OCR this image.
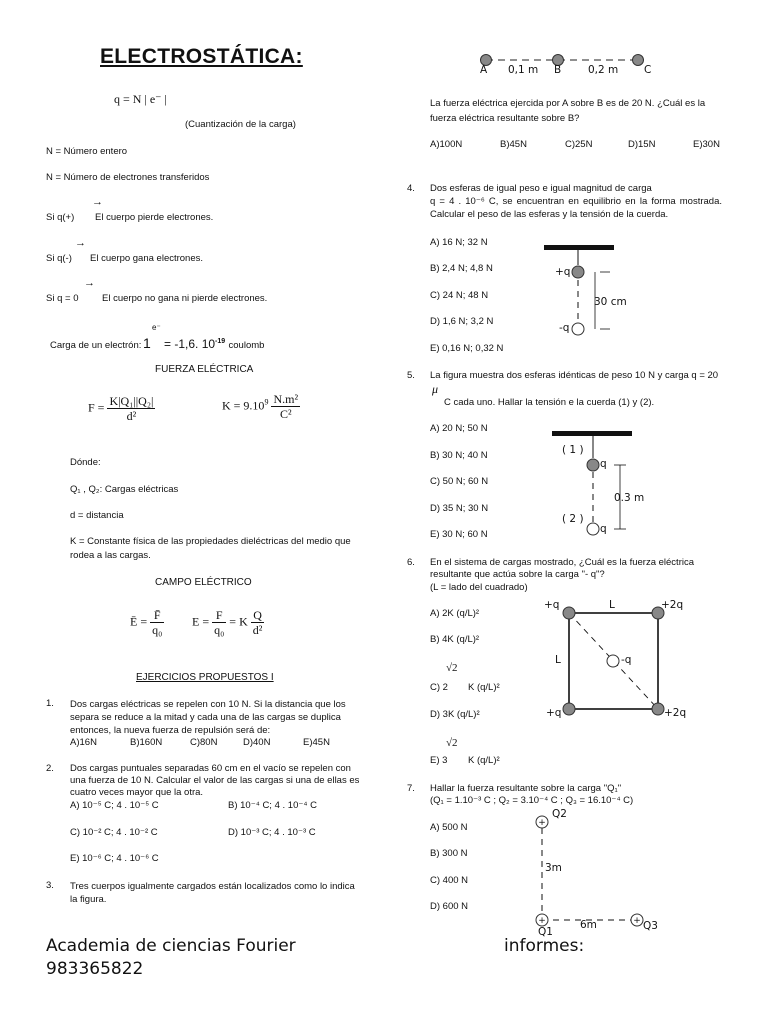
ELECTROSTÁTICA:
q = N | e⁻ |
(Cuantización de la carga)
N = Número entero
N = Número de electrones transferidos
→
Si q(+) El cuerpo pierde electrones.
→
Si q(-) El cuerpo gana electrones.
→
Si q = 0 El cuerpo no gana ni pierde electrones.
e⁻
Carga de un electrón: 1 = -1,6. $10^{-19}$ coulomb
FUERZA ELÉCTRICA
$F = \frac{\text{K|Q₁||Q₂|}}{\text{d²}}$	$K = 9.10^9 \frac{\text{N.m²}}{\text{C²}}$
Dónde:
Q₁ , Q₂: Cargas eléctricas
d = distancia
K = Constante física de las propiedades dieléctricas del medio que rodea a las cargas.
CAMPO ELÉCTRICO
Ē = $\frac{F̄}{\text{q₀}}$ $E = \frac{F}{\text{q₀}} = K \frac{Q}{\text{d²}}$
EJERCICIOS PROPUESTOS I
1. Dos cargas eléctricas se repelen con 10 N. Si la distancia que los separa se reduce a la mitad y cada una de las cargas se duplica entonces, la nueva fuerza de repulsión será de:
A)16N	B)160N	C)80N	D)40N	E)45N
2. Dos cargas puntuales separadas 60 cm en el vacío se repelen con una fuerza de 10 N. Calcular el valor de las cargas si una de ellas es cuatro veces mayor que la otra.
A) 10⁻⁵ C; 4 . 10⁻⁵ C	B) 10⁻⁴ C; 4 . 10⁻⁴ C
C) 10⁻² C; 4 . 10⁻² C	D) 10⁻³ C; 4 . 10⁻³ C
E) 10⁻⁶ C; 4 . 10⁻⁶ C
3. Tres cuerpos igualmente cargados están localizados como lo indica la figura.
A 0,1 m B	0,2 m C
La fuerza eléctrica ejercida por A sobre B es de 20 N. ¿Cuál es la fuerza eléctrica resultante sobre B?
A)100N	B)45N	C)25N	D)15N	E)30N
4. Dos esferas de igual peso e igual magnitud de carga
q = 4 . 10⁻⁶ C, se encuentran en equilibrio en la forma mostrada. Calcular el peso de las esferas y la tensión de la cuerda.
A) 16 N; 32 N
B) 2,4 N; 4,8 N
C) 24 N; 48 N
D) 1,6 N; 3,2 N
E) 0,16 N; 0,32 N
+q
-q
30 cm
5. La figura muestra dos esferas idénticas de peso 10 N y carga q = 20
μ
C cada uno. Hallar la tensión e la cuerda (1) y (2).
A) 20 N; 50 N
B) 30 N; 40 N
C) 50 N; 60 N
D) 35 N; 30 N
E) 30 N; 60 N
( 1 )
q
0.3 m
( 2 )
q
6. En el sistema de cargas mostrado, ¿Cuál es la fuerza eléctrica resultante que actúa sobre la carga "- q"?
(L = lado del cuadrado)
A) 2K (q/L)²
B) 4K (q/L)²
√2
C) 2 K (q/L)²
D) 3K (q/L)²
√2
E) 3 K (q/L)²
+q	L	+2q
L	-q
+q	+2q
7. Hallar la fuerza resultante sobre la carga "Q₁"
(Q₁ = 1.10⁻³ C ; Q₂ = 3.10⁻⁴ C ; Q₃ = 16.10⁻⁴ C)
A) 500 N
B) 300 N
C) 400 N
D) 600 N
+
+	+
Q2
3m
6m
Q1	Q3
Academia de ciencias Fourier
983365822
informes:
